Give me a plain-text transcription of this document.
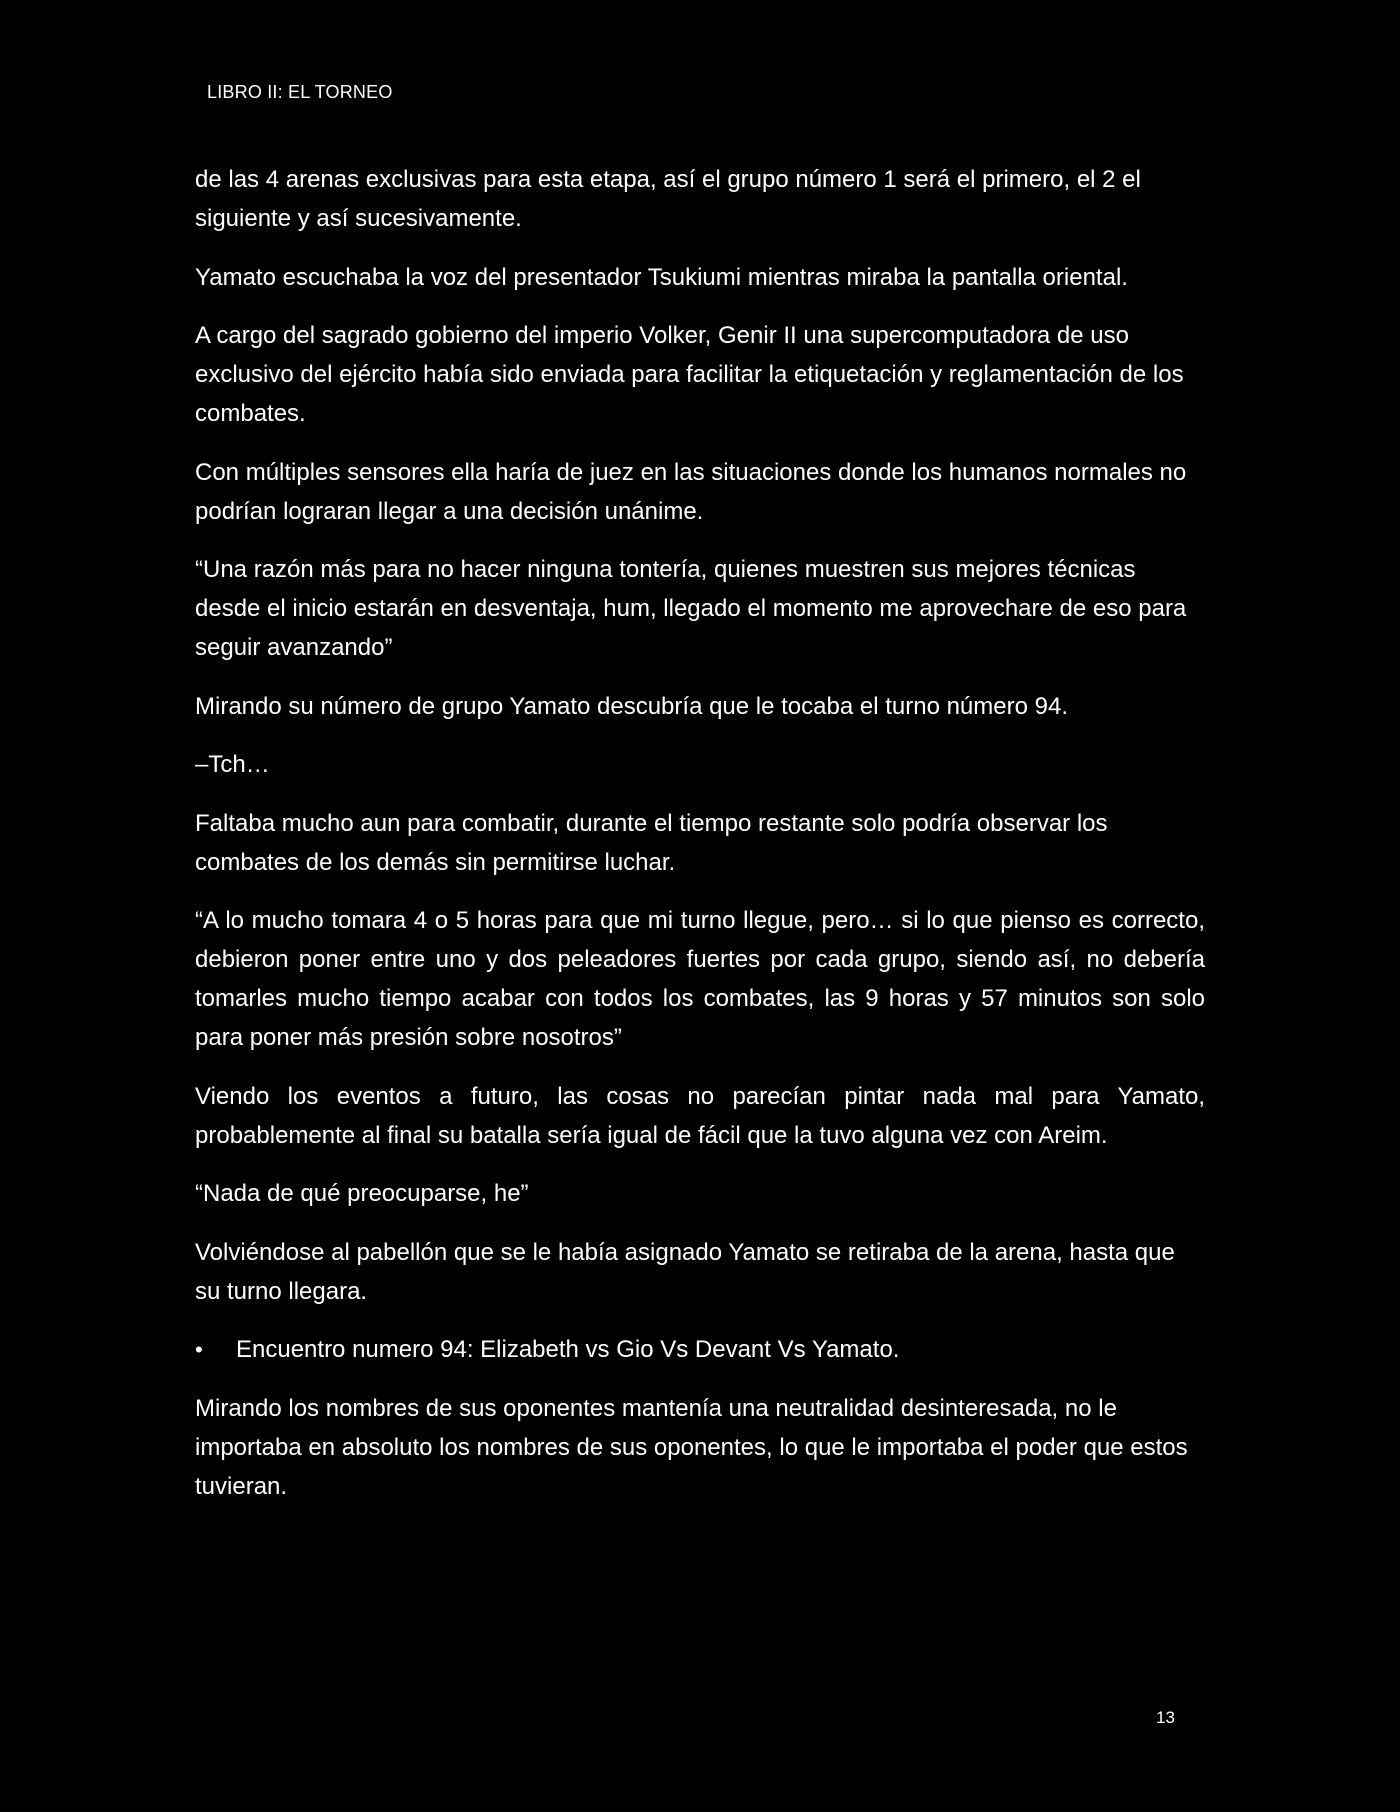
LIBRO II: EL TORNEO

de las 4 arenas exclusivas para esta etapa, así el grupo número 1 será el primero, el 2 el siguiente y así sucesivamente.

Yamato escuchaba la voz del presentador Tsukiumi mientras miraba la pantalla oriental.

A cargo del sagrado gobierno del imperio Volker, Genir II una supercomputadora de uso exclusivo del ejército había sido enviada para facilitar la etiquetación y reglamentación de los combates.

Con múltiples sensores ella haría de juez en las situaciones donde los humanos normales no podrían lograran llegar a una decisión unánime.

“Una razón más para no hacer ninguna tontería, quienes muestren sus mejores técnicas desde el inicio estarán en desventaja, hum, llegado el momento me aprovechare de eso para seguir avanzando”

Mirando su número de grupo Yamato descubría que le tocaba el turno número 94.

–Tch…

Faltaba mucho aun para combatir, durante el tiempo restante solo podría observar los combates de los demás sin permitirse luchar.

“A lo mucho tomara 4 o 5 horas para que mi turno llegue, pero… si lo que pienso es correcto, debieron poner entre uno y dos peleadores fuertes por cada grupo, siendo así, no debería tomarles mucho tiempo acabar con todos los combates, las 9 horas y 57 minutos son solo para poner más presión sobre nosotros”

Viendo los eventos a futuro, las cosas no parecían pintar nada mal para Yamato, probablemente al final su batalla sería igual de fácil que la tuvo alguna vez con Areim.

“Nada de qué preocuparse, he”

Volviéndose al pabellón que se le había asignado Yamato se retiraba de la arena, hasta que su turno llegara.

•	Encuentro numero 94: Elizabeth vs Gio Vs Devant Vs Yamato.

Mirando los nombres de sus oponentes mantenía una neutralidad desinteresada, no le importaba en absoluto los nombres de sus oponentes, lo que le importaba el poder que estos tuvieran.

13
